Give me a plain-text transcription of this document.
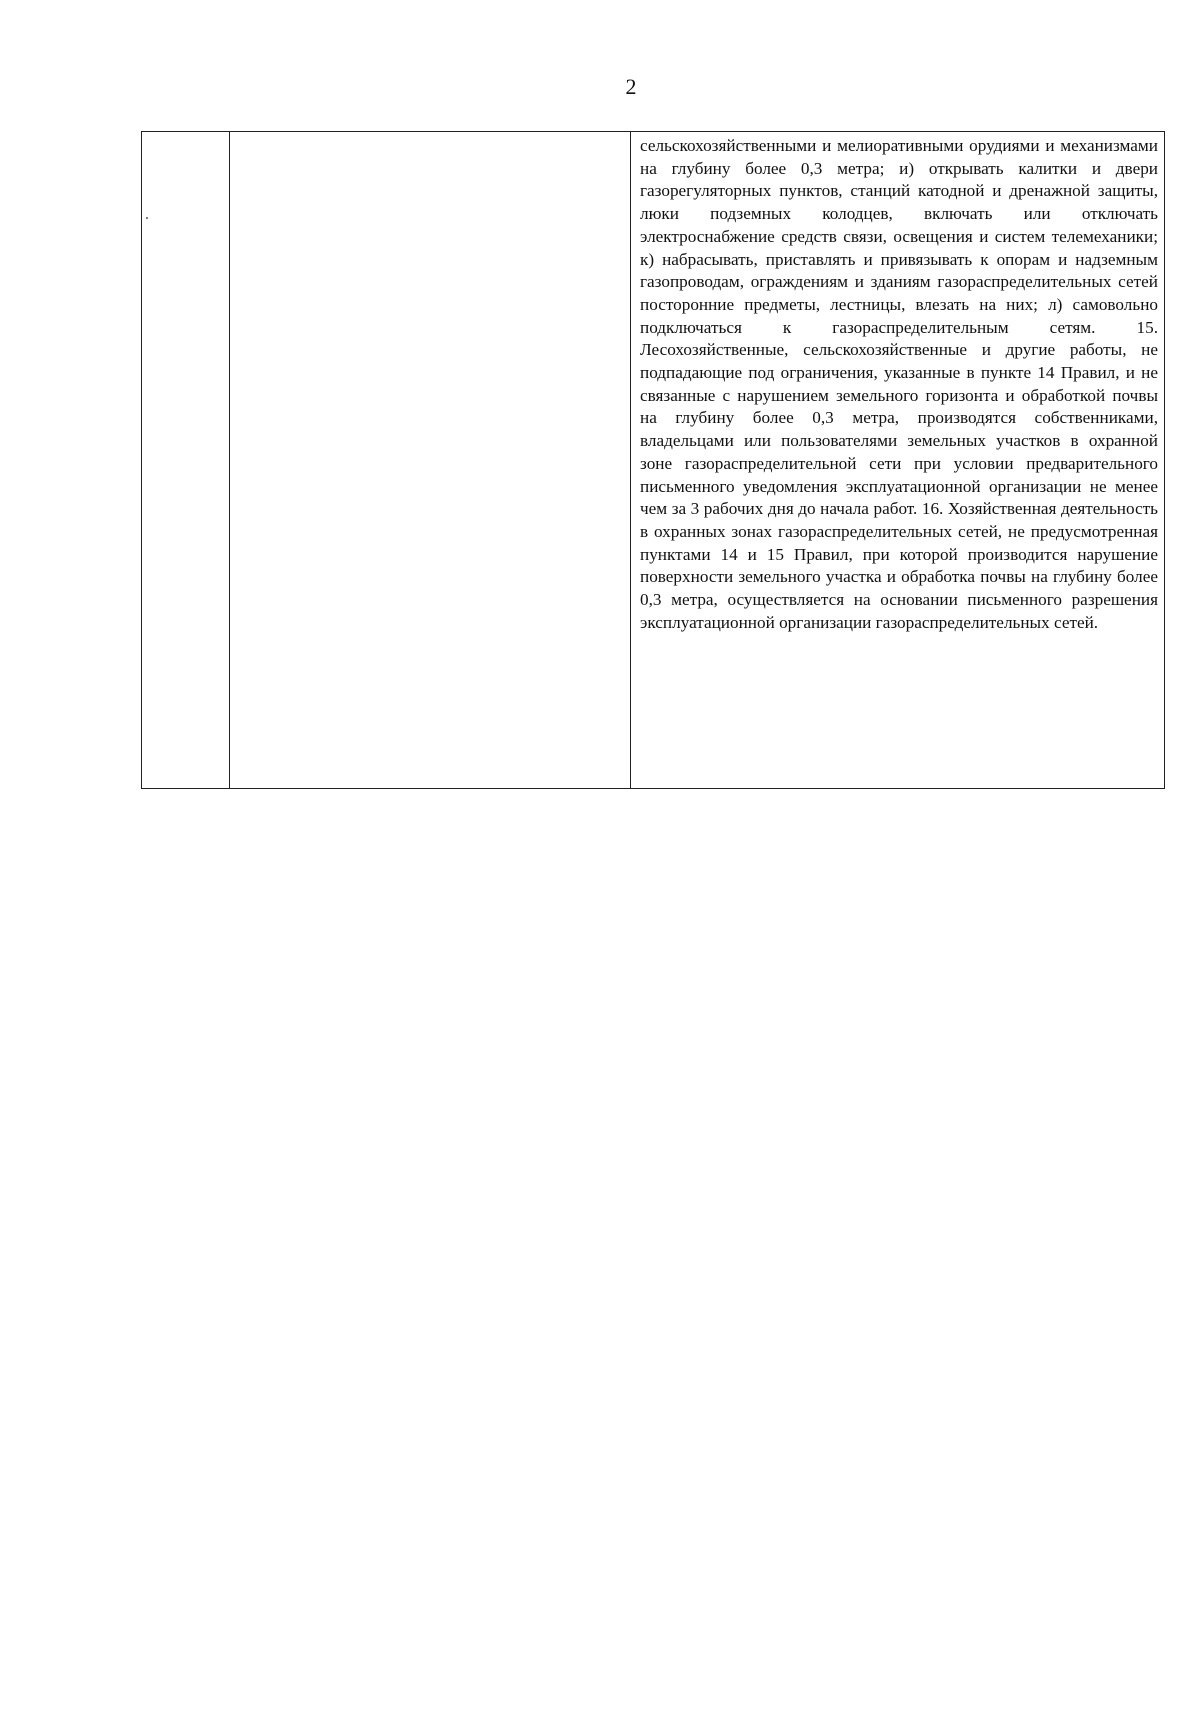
2
сельскохозяйственными и мелиоративными орудиями и механизмами на глубину более 0,3 метра; и) открывать калитки и двери газорегуляторных пунктов, станций катодной и дренажной защиты, люки подземных колодцев, включать или отключать электроснабжение средств связи, освещения и систем телемеханики; к) набрасывать, приставлять и привязывать к опорам и надземным газопроводам, ограждениям и зданиям газораспределительных сетей посторонние предметы, лестницы, влезать на них; л) самовольно подключаться к газораспределительным сетям. 15. Лесохозяйственные, сельскохозяйственные и другие работы, не подпадающие под ограничения, указанные в пункте 14 Правил, и не связанные с нарушением земельного горизонта и обработкой почвы на глубину более 0,3 метра, производятся собственниками, владельцами или пользователями земельных участков в охранной зоне газораспределительной сети при условии предварительного письменного уведомления эксплуатационной организации не менее чем за 3 рабочих дня до начала работ. 16. Хозяйственная деятельность в охранных зонах газораспределительных сетей, не предусмотренная пунктами 14 и 15 Правил, при которой производится нарушение поверхности земельного участка и обработка почвы на глубину более 0,3 метра, осуществляется на основании письменного разрешения эксплуатационной организации газораспределительных сетей.
